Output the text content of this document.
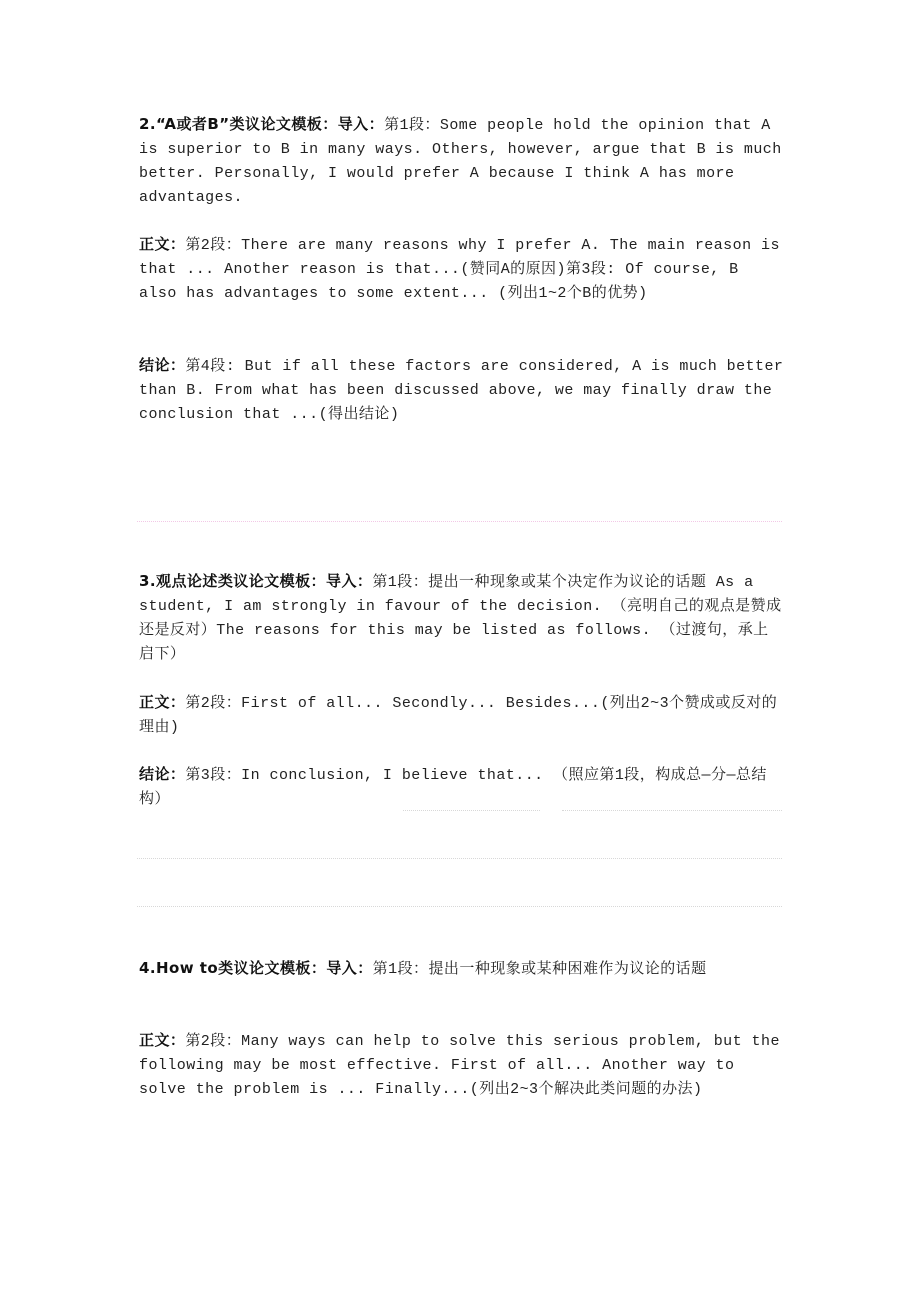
2.“A或者B”类议论文模板：导入：第1段：Some people hold the opinion that A is superior to B in many ways. Others, however, argue that B is much better. Personally, I would prefer A because I think A has more advantages.
正文：第2段：There are many reasons why I prefer A. The main reason is that ... Another reason is that...(赞同A的原因)第3段: Of course, B also has advantages to some extent... (列出1~2个B的优势)
结论：第4段: But if all these factors are considered, A is much better than B. From what has been discussed above, we may finally draw the conclusion that ...(得出结论)
3.观点论述类议论文模板：导入：第1段：提出一种现象或某个决定作为议论的话题 As a student, I am strongly in favour of the decision. （亮明自己的观点是赞成还是反对）The reasons for this may be listed as follows. （过渡句，承上启下）
正文：第2段：First of all... Secondly... Besides...(列出2~3个赞成或反对的理由)
结论：第3段：In conclusion, I believe that... （照应第1段，构成总—分—总结构）
4.How to类议论文模板：导入：第1段：提出一种现象或某种困难作为议论的话题
正文：第2段：Many ways can help to solve this serious problem, but the following may be most effective. First of all... Another way to solve the problem is ... Finally...(列出2~3个解决此类问题的办法)
